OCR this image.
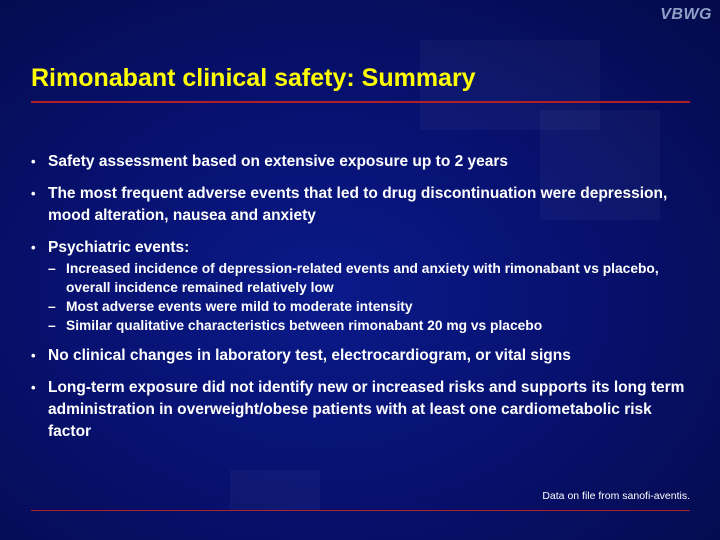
VBWG
Rimonabant clinical safety: Summary
• Safety assessment based on extensive exposure up to 2 years
• The most frequent adverse events that led to drug discontinuation were depression, mood alteration, nausea and anxiety
• Psychiatric events:
– Increased incidence of depression-related events and anxiety with rimonabant vs placebo, overall incidence remained relatively low
– Most adverse events were mild to moderate intensity
– Similar qualitative characteristics between rimonabant 20 mg vs placebo
• No clinical changes in laboratory test, electrocardiogram, or vital signs
• Long-term exposure did not identify new or increased risks and supports its long term administration in overweight/obese patients with at least one cardiometabolic risk factor
Data on file from sanofi-aventis.
